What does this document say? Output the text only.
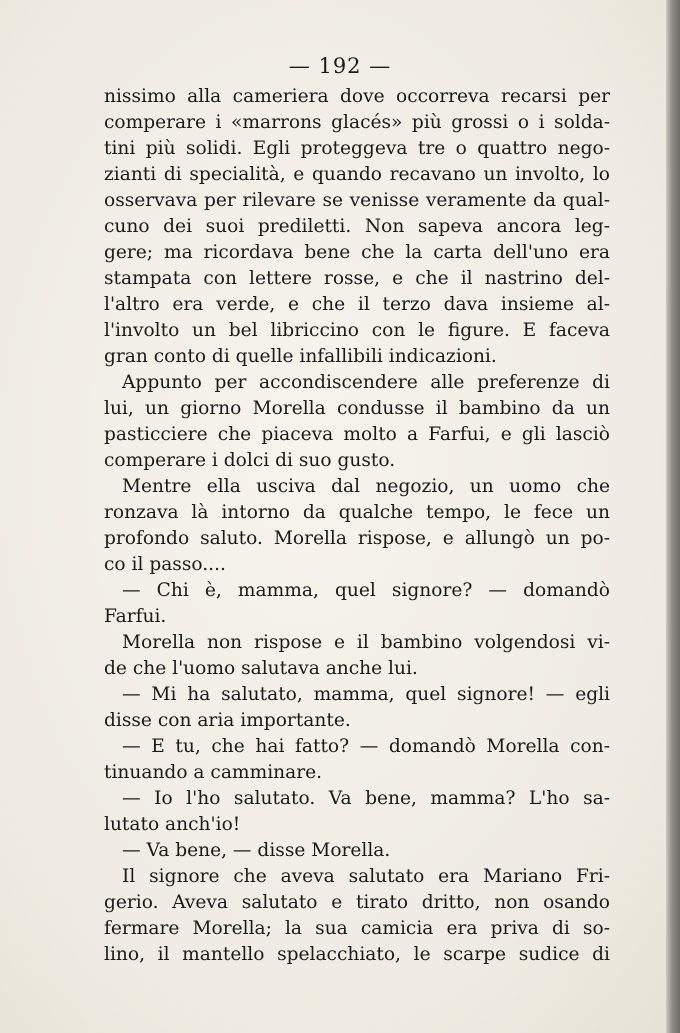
— 192 —
nissimo alla cameriera dove occorreva recarsi per
comperare i «marrons glacés» più grossi o i solda-
tini più solidi. Egli proteggeva tre o quattro nego-
zianti di specialità, e quando recavano un involto, lo
osservava per rilevare se venisse veramente da qual-
cuno dei suoi prediletti. Non sapeva ancora leg-
gere; ma ricordava bene che la carta dell'uno era
stampata con lettere rosse, e che il nastrino del-
l'altro era verde, e che il terzo dava insieme al-
l'involto un bel libriccino con le figure. E faceva
gran conto di quelle infallibili indicazioni.
Appunto per accondiscendere alle preferenze di
lui, un giorno Morella condusse il bambino da un
pasticciere che piaceva molto a Farfui, e gli lasciò
comperare i dolci di suo gusto.
Mentre ella usciva dal negozio, un uomo che
ronzava là intorno da qualche tempo, le fece un
profondo saluto. Morella rispose, e allungò un po-
co il passo....
— Chi è, mamma, quel signore? — domandò
Farfui.
Morella non rispose e il bambino volgendosi vi-
de che l'uomo salutava anche lui.
— Mi ha salutato, mamma, quel signore! — egli
disse con aria importante.
— E tu, che hai fatto? — domandò Morella con-
tinuando a camminare.
— Io l'ho salutato. Va bene, mamma? L'ho sa-
lutato anch'io!
— Va bene, — disse Morella.
Il signore che aveva salutato era Mariano Fri-
gerio. Aveva salutato e tirato dritto, non osando
fermare Morella; la sua camicia era priva di so-
lino, il mantello spelacchiato, le scarpe sudice di
